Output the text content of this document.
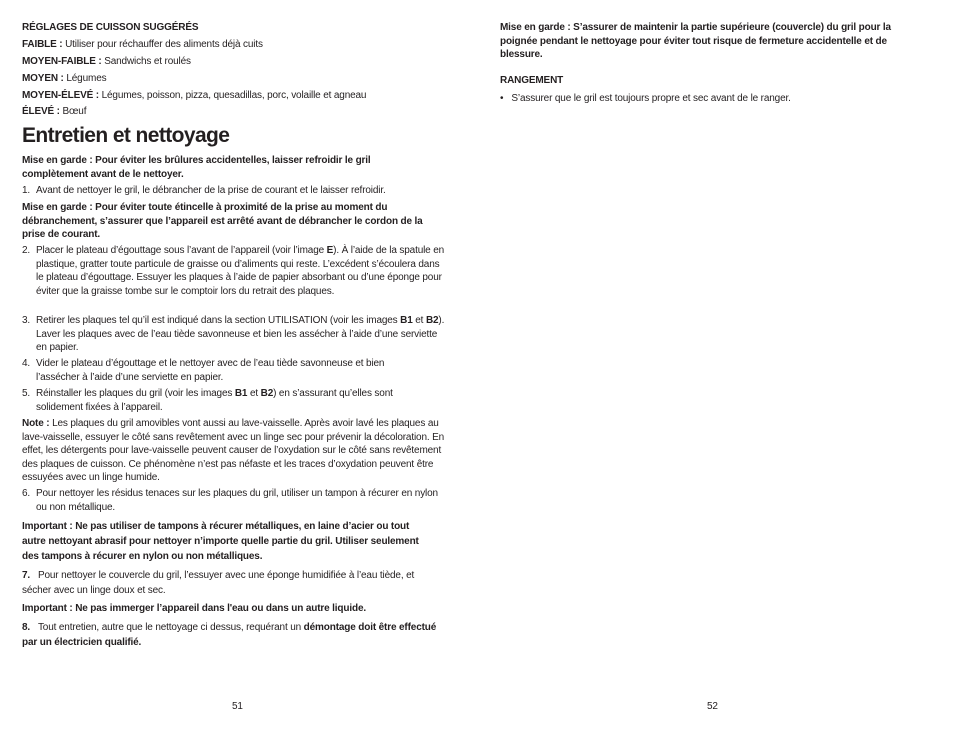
RÉGLAGES DE CUISSON SUGGÉRÉS
FAIBLE : Utiliser pour réchauffer des aliments déjà cuits
MOYEN-FAIBLE : Sandwichs et roulés
MOYEN : Légumes
MOYEN-ÉLEVÉ : Légumes, poisson, pizza, quesadillas, porc, volaille et agneau
ÉLEVÉ : Bœuf
Entretien et nettoyage
Mise en garde : Pour éviter les brûlures accidentelles, laisser refroidir le gril complètement avant de le nettoyer.
1. Avant de nettoyer le gril, le débrancher de la prise de courant et le laisser refroidir.
Mise en garde : Pour éviter toute étincelle à proximité de la prise au moment du débranchement, s’assurer que l’appareil est arrêté avant de débrancher le cordon de la prise de courant.
2. Placer le plateau d’égouttage sous l’avant de l’appareil (voir l’image E). À l’aide de la spatule en plastique, gratter toute particule de graisse ou d’aliments qui reste. L’excédent s’écoulera dans le plateau d’égouttage. Essuyer les plaques à l’aide de papier absorbant ou d’une éponge pour éviter que la graisse tombe sur le comptoir lors du retrait des plaques.
3. Retirer les plaques tel qu’il est indiqué dans la section UTILISATION (voir les images B1 et B2). Laver les plaques avec de l’eau tiède savonneuse et bien les assécher à l’aide d’une serviette en papier.
4. Vider le plateau d’égouttage et le nettoyer avec de l’eau tiède savonneuse et bien l’assécher à l’aide d’une serviette en papier.
5. Réinstaller les plaques du gril (voir les images B1 et B2) en s’assurant qu’elles sont solidement fixées à l’appareil.
Note : Les plaques du gril amovibles vont aussi au lave-vaisselle. Après avoir lavé les plaques au lave-vaisselle, essuyer le côté sans revêtement avec un linge sec pour prévenir la décoloration. En effet, les détergents pour lave-vaisselle peuvent causer de l’oxydation sur le côté sans revêtement des plaques de cuisson. Ce phénomène n’est pas néfaste et les traces d’oxydation peuvent être essuyées avec un linge humide.
6. Pour nettoyer les résidus tenaces sur les plaques du gril, utiliser un tampon à récurer en nylon ou non métallique.
Important : Ne pas utiliser de tampons à récurer métalliques, en laine d’acier ou tout autre nettoyant abrasif pour nettoyer n’importe quelle partie du gril. Utiliser seulement des tampons à récurer en nylon ou non métalliques.
7. Pour nettoyer le couvercle du gril, l’essuyer avec une éponge humidifiée à l’eau tiède, et sécher avec un linge doux et sec.
Important : Ne pas immerger l’appareil dans l'eau ou dans un autre liquide.
8. Tout entretien, autre que le nettoyage ci dessus, requérant un démontage doit être effectué par un électricien qualifié.
51
Mise en garde : S’assurer de maintenir la partie supérieure (couvercle) du gril pour la poignée pendant le nettoyage pour éviter tout risque de fermeture accidentelle et de blessure.
RANGEMENT
• S’assurer que le gril est toujours propre et sec avant de le ranger.
52
